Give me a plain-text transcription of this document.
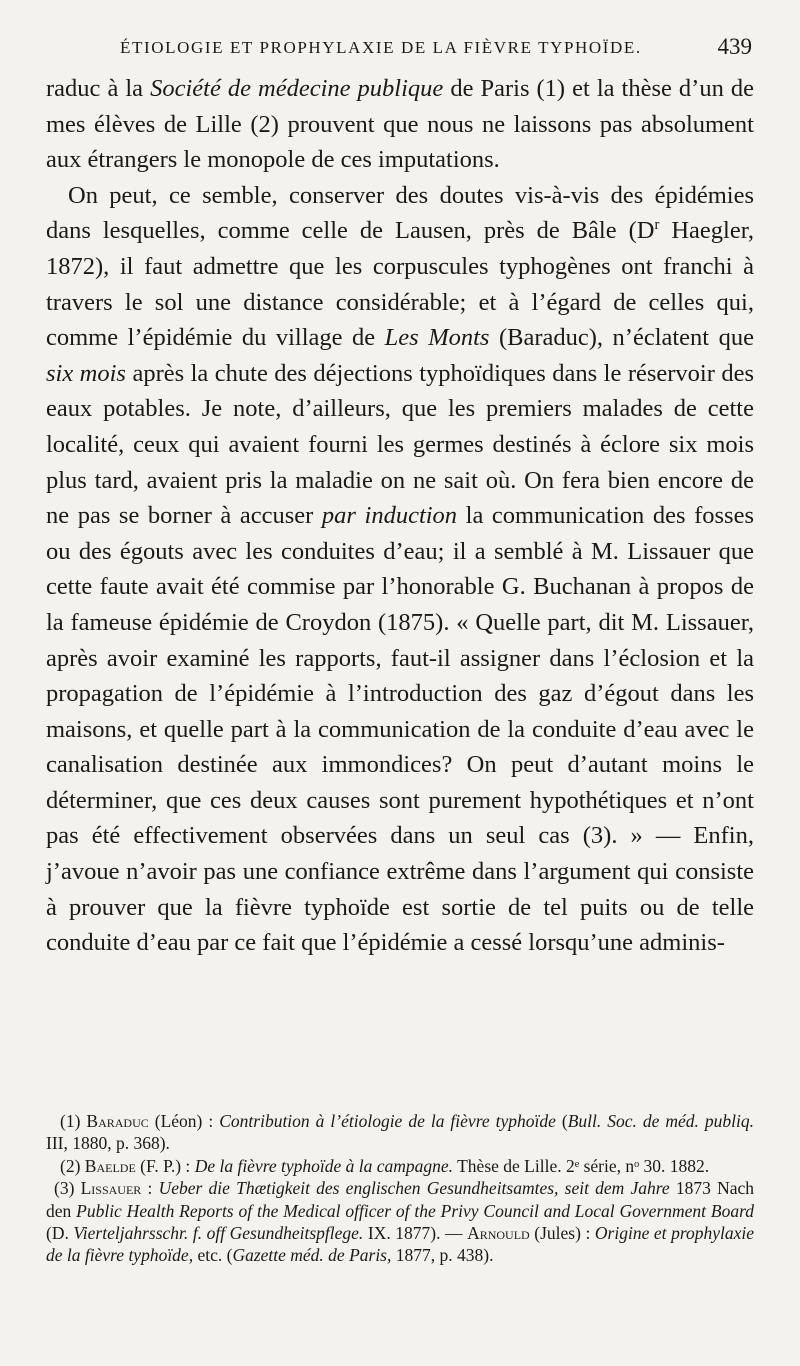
ÉTIOLOGIE ET PROPHYLAXIE DE LA FIÈVRE TYPHOÏDE.	439

raduc à la Société de médecine publique de Paris (1) et la thèse d’un de mes élèves de Lille (2) prouvent que nous ne laissons pas absolument aux étrangers le monopole de ces imputations.

On peut, ce semble, conserver des doutes vis-à-vis des épidémies dans lesquelles, comme celle de Lausen, près de Bâle ($D^r$ Haegler, 1872), il faut admettre que les corpuscules typhogènes ont franchi à travers le sol une distance considérable; et à l’égard de celles qui, comme l’épidémie du village de Les Monts (Baraduc), n’éclatent que six mois après la chute des déjections typhoïdiques dans le réservoir des eaux potables. Je note, d’ailleurs, que les premiers malades de cette localité, ceux qui avaient fourni les germes destinés à éclore six mois plus tard, avaient pris la maladie on ne sait où. On fera bien encore de ne pas se borner à accuser par induction la communication des fosses ou des égouts avec les conduites d’eau; il a semblé à M. Lissauer que cette faute avait été commise par l’honorable G. Buchanan à propos de la fameuse épidémie de Croydon (1875). « Quelle part, dit M. Lissauer, après avoir examiné les rapports, faut-il assigner dans l’éclosion et la propagation de l’épidémie à l’introduction des gaz d’égout dans les maisons, et quelle part à la communication de la conduite d’eau avec le canalisation destinée aux immondices? On peut d’autant moins le déterminer, que ces deux causes sont purement hypothétiques et n’ont pas été effectivement observées dans un seul cas (3). » — Enfin, j’avoue n’avoir pas une confiance extrême dans l’argument qui consiste à prouver que la fièvre typhoïde est sortie de tel puits ou de telle conduite d’eau par ce fait que l’épidémie a cessé lorsqu’une adminis-

(1) Baraduc (Léon) : Contribution à l’étiologie de la fièvre typhoïde (Bull. Soc. de méd. publiq. III, 1880, p. 368).

(2) Baelde (F. P.) : De la fièvre typhoïde à la campagne. Thèse de Lille. 2ᵉ série, nᵒ 30. 1882.

(3) Lissauer : Ueber die Thætigkeit des englischen Gesundheitsamtes, seit dem Jahre 1873 Nach den Public Health Reports of the Medical officer of the Privy Council and Local Government Board (D. Vierteljahrsschr. f. off Gesundheitspflege. IX. 1877). — Arnould (Jules) : Origine et prophylaxie de la fièvre typhoïde, etc. (Gazette méd. de Paris, 1877, p. 438).
